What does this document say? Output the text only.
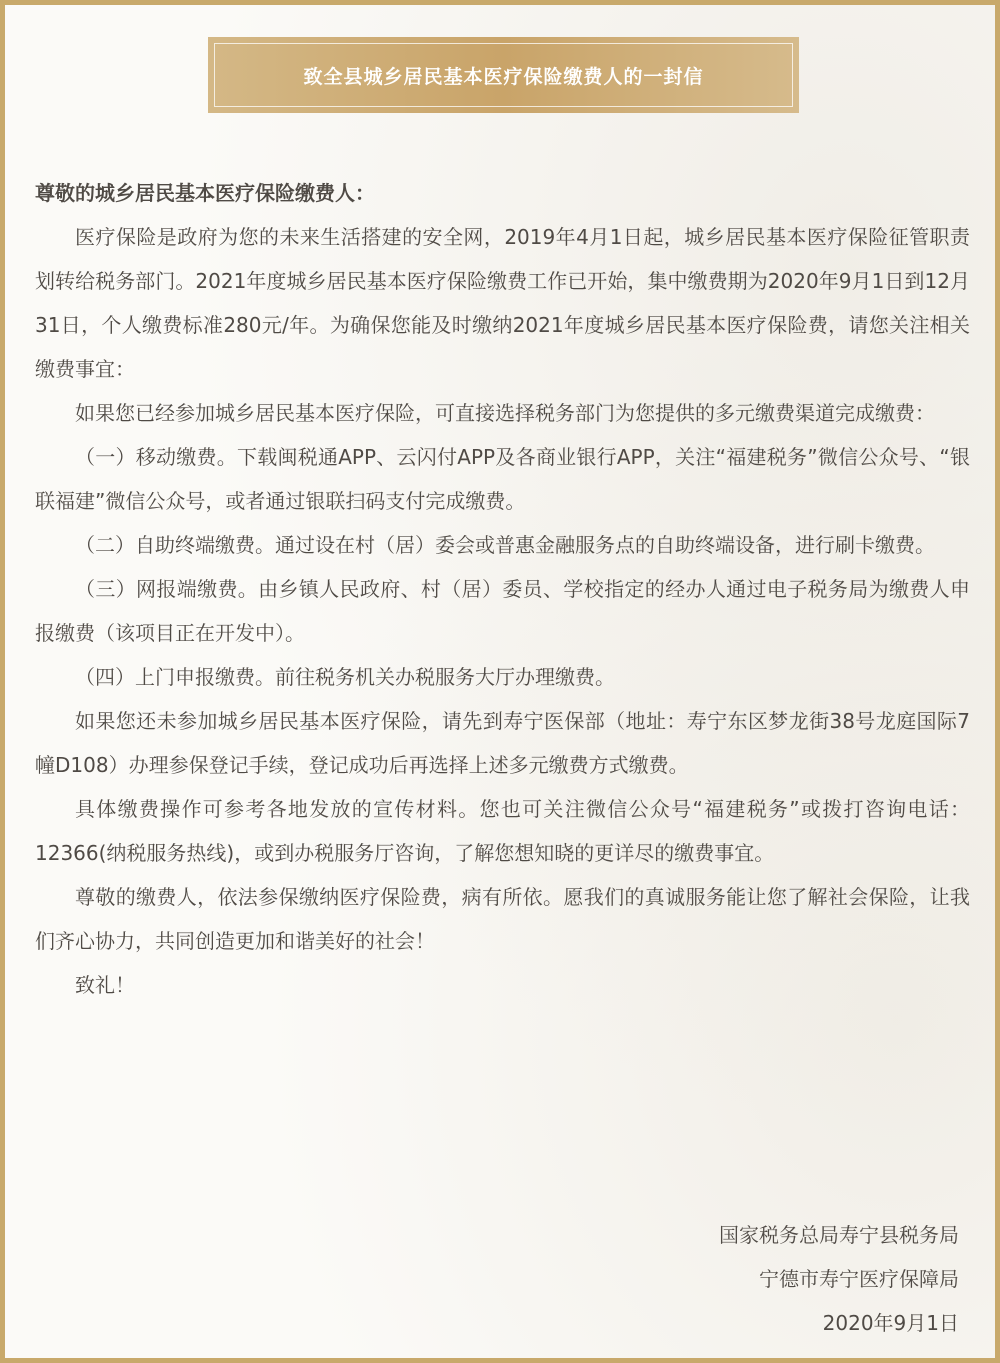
致全县城乡居民基本医疗保险缴费人的一封信

尊敬的城乡居民基本医疗保险缴费人：

医疗保险是政府为您的未来生活搭建的安全网，2019年4月1日起，城乡居民基本医疗保险征管职责划转给税务部门。2021年度城乡居民基本医疗保险缴费工作已开始，集中缴费期为2020年9月1日到12月31日，个人缴费标准280元/年。为确保您能及时缴纳2021年度城乡居民基本医疗保险费，请您关注相关缴费事宜：

如果您已经参加城乡居民基本医疗保险，可直接选择税务部门为您提供的多元缴费渠道完成缴费：

（一）移动缴费。下载闽税通APP、云闪付APP及各商业银行APP，关注“福建税务”微信公众号、“银联福建”微信公众号，或者通过银联扫码支付完成缴费。

（二）自助终端缴费。通过设在村（居）委会或普惠金融服务点的自助终端设备，进行刷卡缴费。

（三）网报端缴费。由乡镇人民政府、村（居）委员、学校指定的经办人通过电子税务局为缴费人申报缴费（该项目正在开发中）。

（四）上门申报缴费。前往税务机关办税服务大厅办理缴费。

如果您还未参加城乡居民基本医疗保险，请先到寿宁医保部（地址：寿宁东区梦龙街38号龙庭国际7幢D108）办理参保登记手续，登记成功后再选择上述多元缴费方式缴费。

具体缴费操作可参考各地发放的宣传材料。您也可关注微信公众号“福建税务”或拨打咨询电话：12366(纳税服务热线)，或到办税服务厅咨询，了解您想知晓的更详尽的缴费事宜。

尊敬的缴费人，依法参保缴纳医疗保险费，病有所依。愿我们的真诚服务能让您了解社会保险，让我们齐心协力，共同创造更加和谐美好的社会！

致礼！

国家税务总局寿宁县税务局
宁德市寿宁医疗保障局
2020年9月1日
